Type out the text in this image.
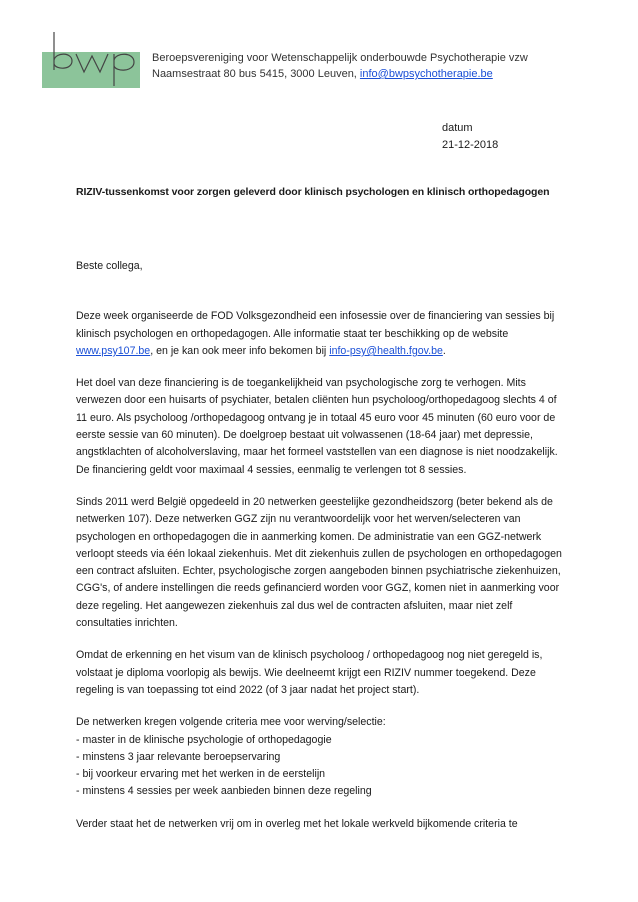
Beroepsvereniging voor Wetenschappelijk onderbouwde Psychotherapie vzw
Naamsestraat 80 bus 5415, 3000 Leuven, info@bwpsychotherapie.be
datum
21-12-2018
RIZIV-tussenkomst voor zorgen geleverd door klinisch psychologen en klinisch orthopedagogen

Beste collega,

Deze week organiseerde de FOD Volksgezondheid een infosessie over de financiering van sessies bij klinisch psychologen en orthopedagogen. Alle informatie staat ter beschikking op de website www.psy107.be, en je kan ook meer info bekomen bij info-psy@health.fgov.be.

Het doel van deze financiering is de toegankelijkheid van psychologische zorg te verhogen. Mits verwezen door een huisarts of psychiater, betalen cliënten hun psycholoog/orthopedagoog slechts 4 of 11 euro. Als psycholoog /orthopedagoog ontvang je in totaal 45 euro voor 45 minuten (60 euro voor de eerste sessie van 60 minuten). De doelgroep bestaat uit volwassenen (18-64 jaar) met depressie, angstklachten of alcoholverslaving, maar het formeel vaststellen van een diagnose is niet noodzakelijk. De financiering geldt voor maximaal 4 sessies, eenmalig te verlengen tot 8 sessies.

Sinds 2011 werd België opgedeeld in 20 netwerken geestelijke gezondheidszorg (beter bekend als de netwerken 107). Deze netwerken GGZ zijn nu verantwoordelijk voor het werven/selecteren van psychologen en orthopedagogen die in aanmerking komen. De administratie van een GGZ-netwerk verloopt steeds via één lokaal ziekenhuis. Met dit ziekenhuis zullen de psychologen en orthopedagogen een contract afsluiten. Echter, psychologische zorgen aangeboden binnen psychiatrische ziekenhuizen, CGG's, of andere instellingen die reeds gefinancierd worden voor GGZ, komen niet in aanmerking voor deze regeling. Het aangewezen ziekenhuis zal dus wel de contracten afsluiten, maar niet zelf consultaties inrichten.

Omdat de erkenning en het visum van de klinisch psycholoog / orthopedagoog nog niet geregeld is, volstaat je diploma voorlopig als bewijs. Wie deelneemt krijgt een RIZIV nummer toegekend. Deze regeling is van toepassing tot eind 2022 (of 3 jaar nadat het project start).

De netwerken kregen volgende criteria mee voor werving/selectie:
- master in de klinische psychologie of orthopedagogie
- minstens 3 jaar relevante beroepservaring
- bij voorkeur ervaring met het werken in de eerstelijn
- minstens 4 sessies per week aanbieden binnen deze regeling

Verder staat het de netwerken vrij om in overleg met het lokale werkveld bijkomende criteria te
